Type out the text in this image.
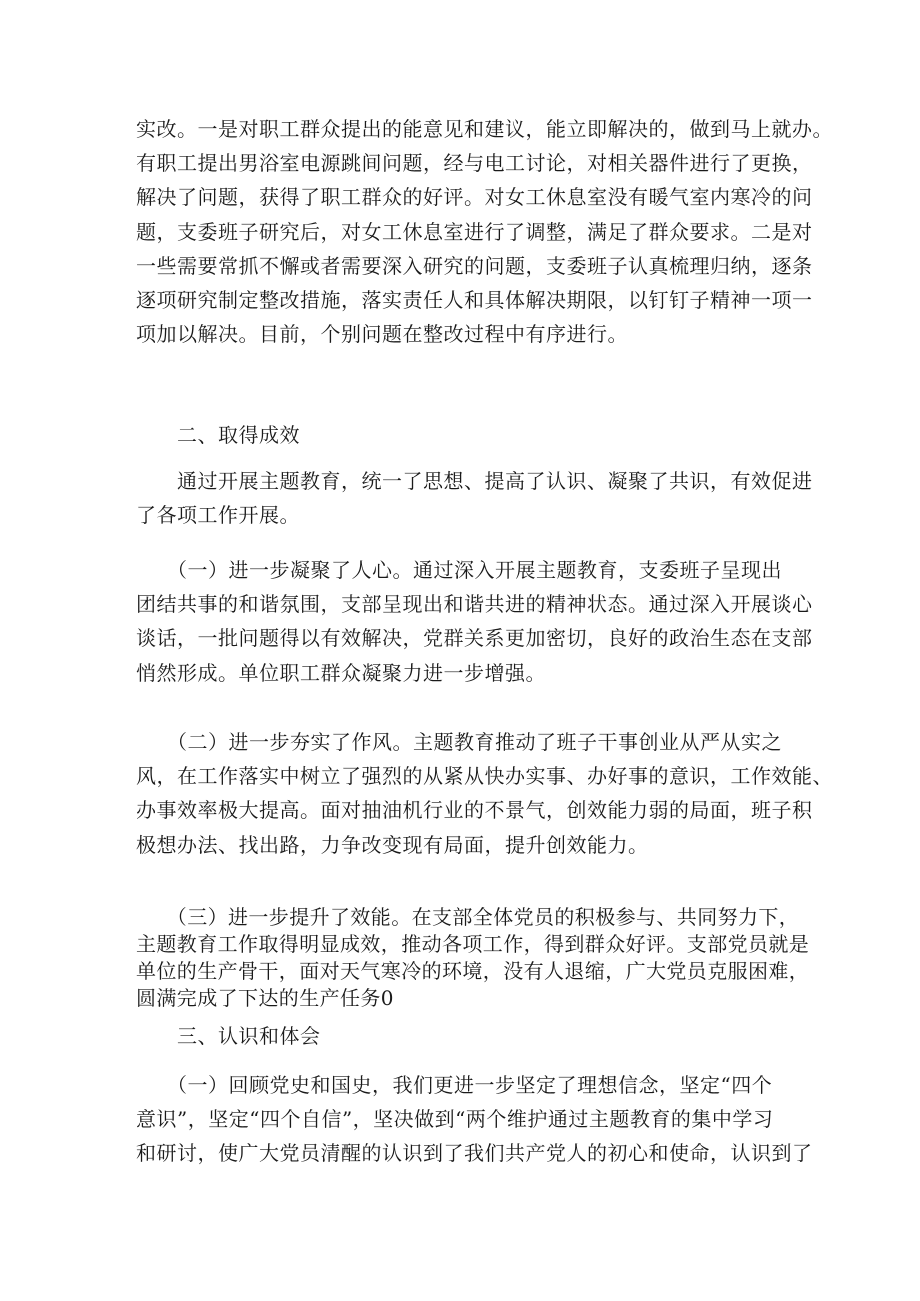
实改。一是对职工群众提出的能意见和建议，能立即解决的，做到马上就办。
有职工提出男浴室电源跳间问题，经与电工讨论，对相关器件进行了更换，
解决了问题，获得了职工群众的好评。对女工休息室没有暖气室内寒冷的问
题，支委班子研究后，对女工休息室进行了调整，满足了群众要求。二是对
一些需要常抓不懈或者需要深入研究的问题，支委班子认真梳理归纳，逐条
逐项研究制定整改措施，落实责任人和具体解决期限，以钉钉子精神一项一
项加以解决。目前，个别问题在整改过程中有序进行。
　　二、取得成效
　　通过开展主题教育，统一了思想、提高了认识、凝聚了共识，有效促进
了各项工作开展。
　　（一）进一步凝聚了人心。通过深入开展主题教育，支委班子呈现出
团结共事的和谐氛围，支部呈现出和谐共进的精神状态。通过深入开展谈心
谈话，一批问题得以有效解决，党群关系更加密切，良好的政治生态在支部
悄然形成。单位职工群众凝聚力进一步增强。
　　（二）进一步夯实了作风。主题教育推动了班子干事创业从严从实之
风，在工作落实中树立了强烈的从紧从快办实事、办好事的意识，工作效能、
办事效率极大提高。面对抽油机行业的不景气，创效能力弱的局面，班子积
极想办法、找出路，力争改变现有局面，提升创效能力。
　　（三）进一步提升了效能。在支部全体党员的积极参与、共同努力下，
主题教育工作取得明显成效，推动各项工作，得到群众好评。支部党员就是
单位的生产骨干，面对天气寒冷的环境，没有人退缩，广大党员克服困难，
圆满完成了下达的生产任务0
　　三、认识和体会
　　（一）回顾党史和国史，我们更进一步坚定了理想信念，坚定“四个
意识”，坚定“四个自信”，坚决做到“两个维护通过主题教育的集中学习
和研讨，使广大党员清醒的认识到了我们共产党人的初心和使命，认识到了
